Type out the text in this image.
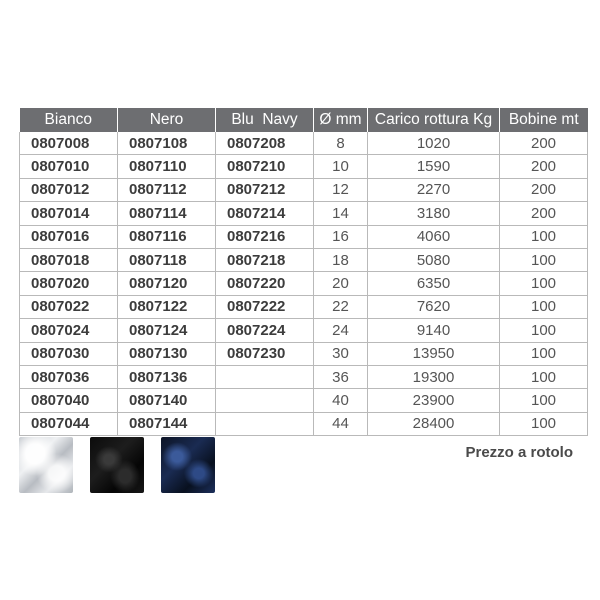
Bianco	Nero	Blu  Navy	Ø mm	Carico rottura Kg	Bobine mt
0807008	0807108	0807208	8	1020	200
0807010	0807110	0807210	10	1590	200
0807012	0807112	0807212	12	2270	200
0807014	0807114	0807214	14	3180	200
0807016	0807116	0807216	16	4060	100
0807018	0807118	0807218	18	5080	100
0807020	0807120	0807220	20	6350	100
0807022	0807122	0807222	22	7620	100
0807024	0807124	0807224	24	9140	100
0807030	0807130	0807230	30	13950	100
0807036	0807136		36	19300	100
0807040	0807140		40	23900	100
0807044	0807144		44	28400	100
Prezzo a rotolo
